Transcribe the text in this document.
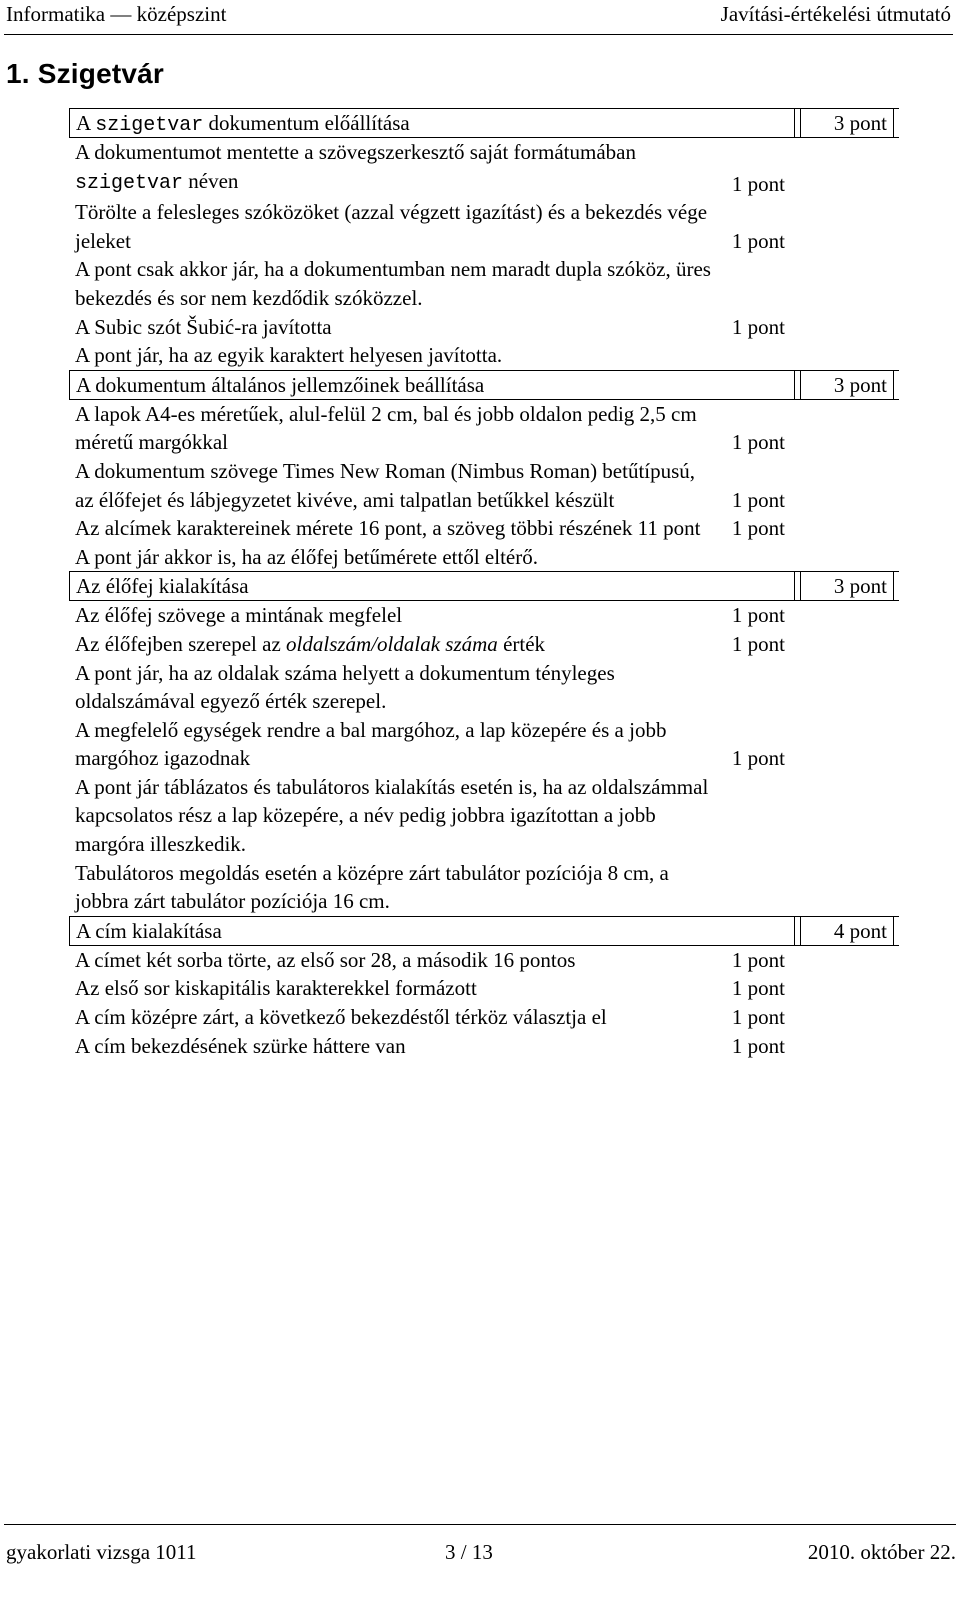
Informatika — középszint	Javítási-értékelési útmutató
1. Szigetvár
A szigetvar dokumentum előállítása	3 pont
A dokumentumot mentette a szövegszerkesztő saját formátumában szigetvar néven	1 pont
Törölte a felesleges szóközöket (azzal végzett igazítást) és a bekezdés vége jeleket	1 pont
A pont csak akkor jár, ha a dokumentumban nem maradt dupla szóköz, üres bekezdés és sor nem kezdődik szóközzel.
A Subic szót Šubić-ra javította	1 pont
A pont jár, ha az egyik karaktert helyesen javította.
A dokumentum általános jellemzőinek beállítása	3 pont
A lapok A4-es méretűek, alul-felül 2 cm, bal és jobb oldalon pedig 2,5 cm méretű margókkal	1 pont
A dokumentum szövege Times New Roman (Nimbus Roman) betűtípusú, az élőfejet és lábjegyzetet kivéve, ami talpatlan betűkkel készült	1 pont
Az alcímek karaktereinek mérete 16 pont, a szöveg többi részének 11 pont	1 pont
A pont jár akkor is, ha az élőfej betűmérete ettől eltérő.
Az élőfej kialakítása	3 pont
Az élőfej szövege a mintának megfelel	1 pont
Az élőfejben szerepel az oldalszám/oldalak száma érték	1 pont
A pont jár, ha az oldalak száma helyett a dokumentum tényleges oldalszámával egyező érték szerepel.
A megfelelő egységek rendre a bal margóhoz, a lap közepére és a jobb margóhoz igazodnak	1 pont
A pont jár táblázatos és tabulátoros kialakítás esetén is, ha az oldalszámmal kapcsolatos rész a lap közepére, a név pedig jobbra igazítottan a jobb margóra illeszkedik.
Tabulátoros megoldás esetén a középre zárt tabulátor pozíciója 8 cm, a jobbra zárt tabulátor pozíciója 16 cm.
A cím kialakítása	4 pont
A címet két sorba törte, az első sor 28, a második 16 pontos	1 pont
Az első sor kiskapitális karakterekkel formázott	1 pont
A cím középre zárt, a következő bekezdéstől térköz választja el	1 pont
A cím bekezdésének szürke háttere van	1 pont
gyakorlati vizsga 1011	3 / 13	2010. október 22.
